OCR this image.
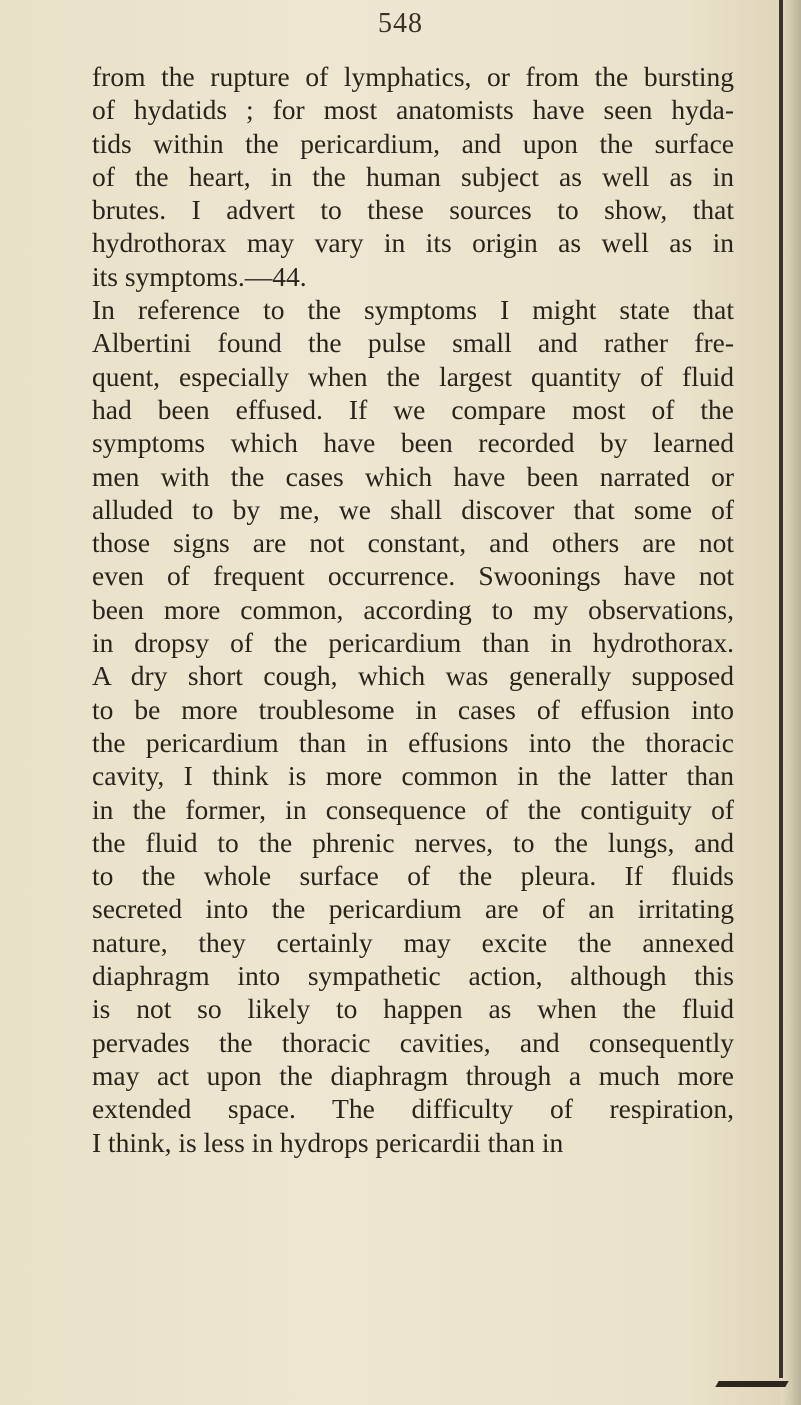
548
from the rupture of lymphatics, or from the bursting
of hydatids ; for most anatomists have seen hyda-
tids within the pericardium, and upon the surface
of the heart, in the human subject as well as in
brutes. I advert to these sources to show, that
hydrothorax may vary in its origin as well as in
its symptoms.—44.
In reference to the symptoms I might state that
Albertini found the pulse small and rather fre-
quent, especially when the largest quantity of fluid
had been effused. If we compare most of the
symptoms which have been recorded by learned
men with the cases which have been narrated or
alluded to by me, we shall discover that some of
those signs are not constant, and others are not
even of frequent occurrence. Swoonings have not
been more common, according to my observations,
in dropsy of the pericardium than in hydrothorax.
A dry short cough, which was generally supposed
to be more troublesome in cases of effusion into
the pericardium than in effusions into the thoracic
cavity, I think is more common in the latter than
in the former, in consequence of the contiguity of
the fluid to the phrenic nerves, to the lungs, and
to the whole surface of the pleura. If fluids
secreted into the pericardium are of an irritating
nature, they certainly may excite the annexed
diaphragm into sympathetic action, although this
is not so likely to happen as when the fluid
pervades the thoracic cavities, and consequently
may act upon the diaphragm through a much more
extended space. The difficulty of respiration,
I think, is less in hydrops pericardii than in
